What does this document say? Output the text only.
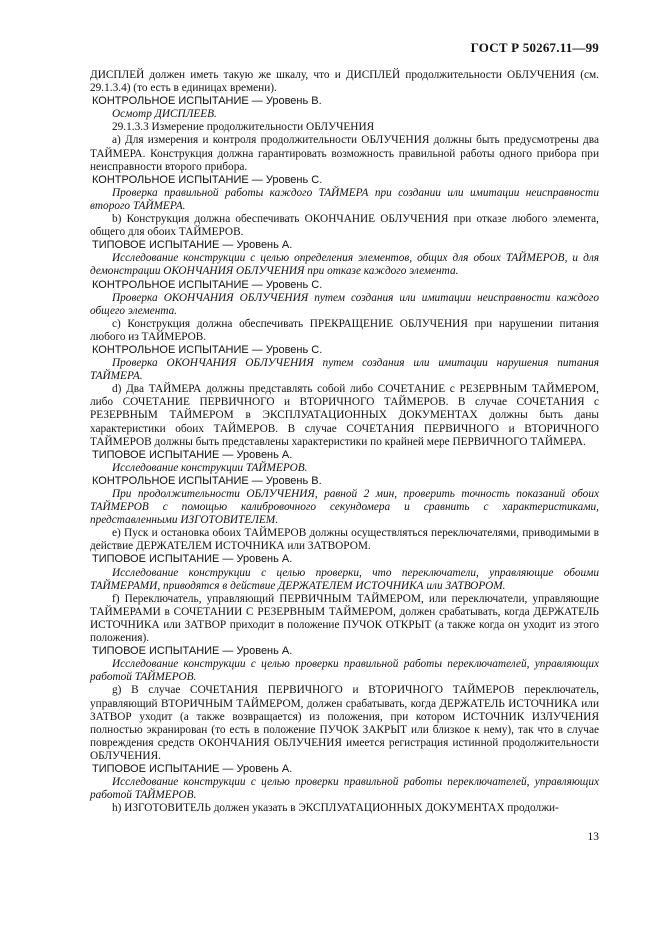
ГОСТ Р 50267.11—99

ДИСПЛЕЙ должен иметь такую же шкалу, что и ДИСПЛЕЙ продолжительности ОБЛУЧЕНИЯ (см. 29.1.3.4) (то есть в единицах времени).

КОНТРОЛЬНОЕ ИСПЫТАНИЕ — Уровень В.

Осмотр ДИСПЛЕЕВ.

29.1.3.3 Измерение продолжительности ОБЛУЧЕНИЯ

а) Для измерения и контроля продолжительности ОБЛУЧЕНИЯ должны быть предусмотрены два ТАЙМЕРА. Конструкция должна гарантировать возможность правильной работы одного прибора при неисправности второго прибора.

КОНТРОЛЬНОЕ ИСПЫТАНИЕ — Уровень С.

Проверка правильной работы каждого ТАЙМЕРА при создании или имитации неисправности второго ТАЙМЕРА.

b) Конструкция должна обеспечивать ОКОНЧАНИЕ ОБЛУЧЕНИЯ при отказе любого элемента, общего для обоих ТАЙМЕРОВ.

ТИПОВОЕ ИСПЫТАНИЕ — Уровень А.

Исследование конструкции с целью определения элементов, общих для обоих ТАЙМЕРОВ, и для демонстрации ОКОНЧАНИЯ ОБЛУЧЕНИЯ при отказе каждого элемента.

КОНТРОЛЬНОЕ ИСПЫТАНИЕ — Уровень С.

Проверка ОКОНЧАНИЯ ОБЛУЧЕНИЯ путем создания или имитации неисправности каждого общего элемента.

с) Конструкция должна обеспечивать ПРЕКРАЩЕНИЕ ОБЛУЧЕНИЯ при нарушении питания любого из ТАЙМЕРОВ.

КОНТРОЛЬНОЕ ИСПЫТАНИЕ — Уровень С.

Проверка ОКОНЧАНИЯ ОБЛУЧЕНИЯ путем создания или имитации нарушения питания ТАЙМЕРА.

d) Два ТАЙМЕРА должны представлять собой либо СОЧЕТАНИЕ с РЕЗЕРВНЫМ ТАЙМЕРОМ, либо СОЧЕТАНИЕ ПЕРВИЧНОГО и ВТОРИЧНОГО ТАЙМЕРОВ. В случае СОЧЕТАНИЯ с РЕЗЕРВНЫМ ТАЙМЕРОМ в ЭКСПЛУАТАЦИОННЫХ ДОКУМЕНТАХ должны быть даны характеристики обоих ТАЙМЕРОВ. В случае СОЧЕТАНИЯ ПЕРВИЧНОГО и ВТОРИЧНОГО ТАЙМЕРОВ должны быть представлены характеристики по крайней мере ПЕРВИЧНОГО ТАЙМЕРА.

ТИПОВОЕ ИСПЫТАНИЕ — Уровень А.

Исследование конструкции ТАЙМЕРОВ.

КОНТРОЛЬНОЕ ИСПЫТАНИЕ — Уровень В.

При продолжительности ОБЛУЧЕНИЯ, равной 2 мин, проверить точность показаний обоих ТАЙМЕРОВ с помощью калибровочного секундомера и сравнить с характеристиками, представленными ИЗГОТОВИТЕЛЕМ.

е) Пуск и остановка обоих ТАЙМЕРОВ должны осуществляться переключателями, приводимыми в действие ДЕРЖАТЕЛЕМ ИСТОЧНИКА или ЗАТВОРОМ.

ТИПОВОЕ ИСПЫТАНИЕ — Уровень А.

Исследование конструкции с целью проверки, что переключатели, управляющие обоими ТАЙМЕРАМИ, приводятся в действие ДЕРЖАТЕЛЕМ ИСТОЧНИКА или ЗАТВОРОМ.

f) Переключатель, управляющий ПЕРВИЧНЫМ ТАЙМЕРОМ, или переключатели, управляющие ТАЙМЕРАМИ в СОЧЕТАНИИ С РЕЗЕРВНЫМ ТАЙМЕРОМ, должен срабатывать, когда ДЕРЖАТЕЛЬ ИСТОЧНИКА или ЗАТВОР приходит в положение ПУЧОК ОТКРЫТ (а также когда он уходит из этого положения).

ТИПОВОЕ ИСПЫТАНИЕ — Уровень А.

Исследование конструкции с целью проверки правильной работы переключателей, управляющих работой ТАЙМЕРОВ.

g) В случае СОЧЕТАНИЯ ПЕРВИЧНОГО и ВТОРИЧНОГО ТАЙМЕРОВ переключатель, управляющий ВТОРИЧНЫМ ТАЙМЕРОМ, должен срабатывать, когда ДЕРЖАТЕЛЬ ИСТОЧНИКА или ЗАТВОР уходит (а также возвращается) из положения, при котором ИСТОЧНИК ИЗЛУЧЕНИЯ полностью экранирован (то есть в положение ПУЧОК ЗАКРЫТ или близкое к нему), так что в случае повреждения средств ОКОНЧАНИЯ ОБЛУЧЕНИЯ имеется регистрация истинной продолжительности ОБЛУЧЕНИЯ.

ТИПОВОЕ ИСПЫТАНИЕ — Уровень А.

Исследование конструкции с целью проверки правильной работы переключателей, управляющих работой ТАЙМЕРОВ.

h) ИЗГОТОВИТЕЛЬ должен указать в ЭКСПЛУАТАЦИОННЫХ ДОКУМЕНТАХ продолжи-

13
